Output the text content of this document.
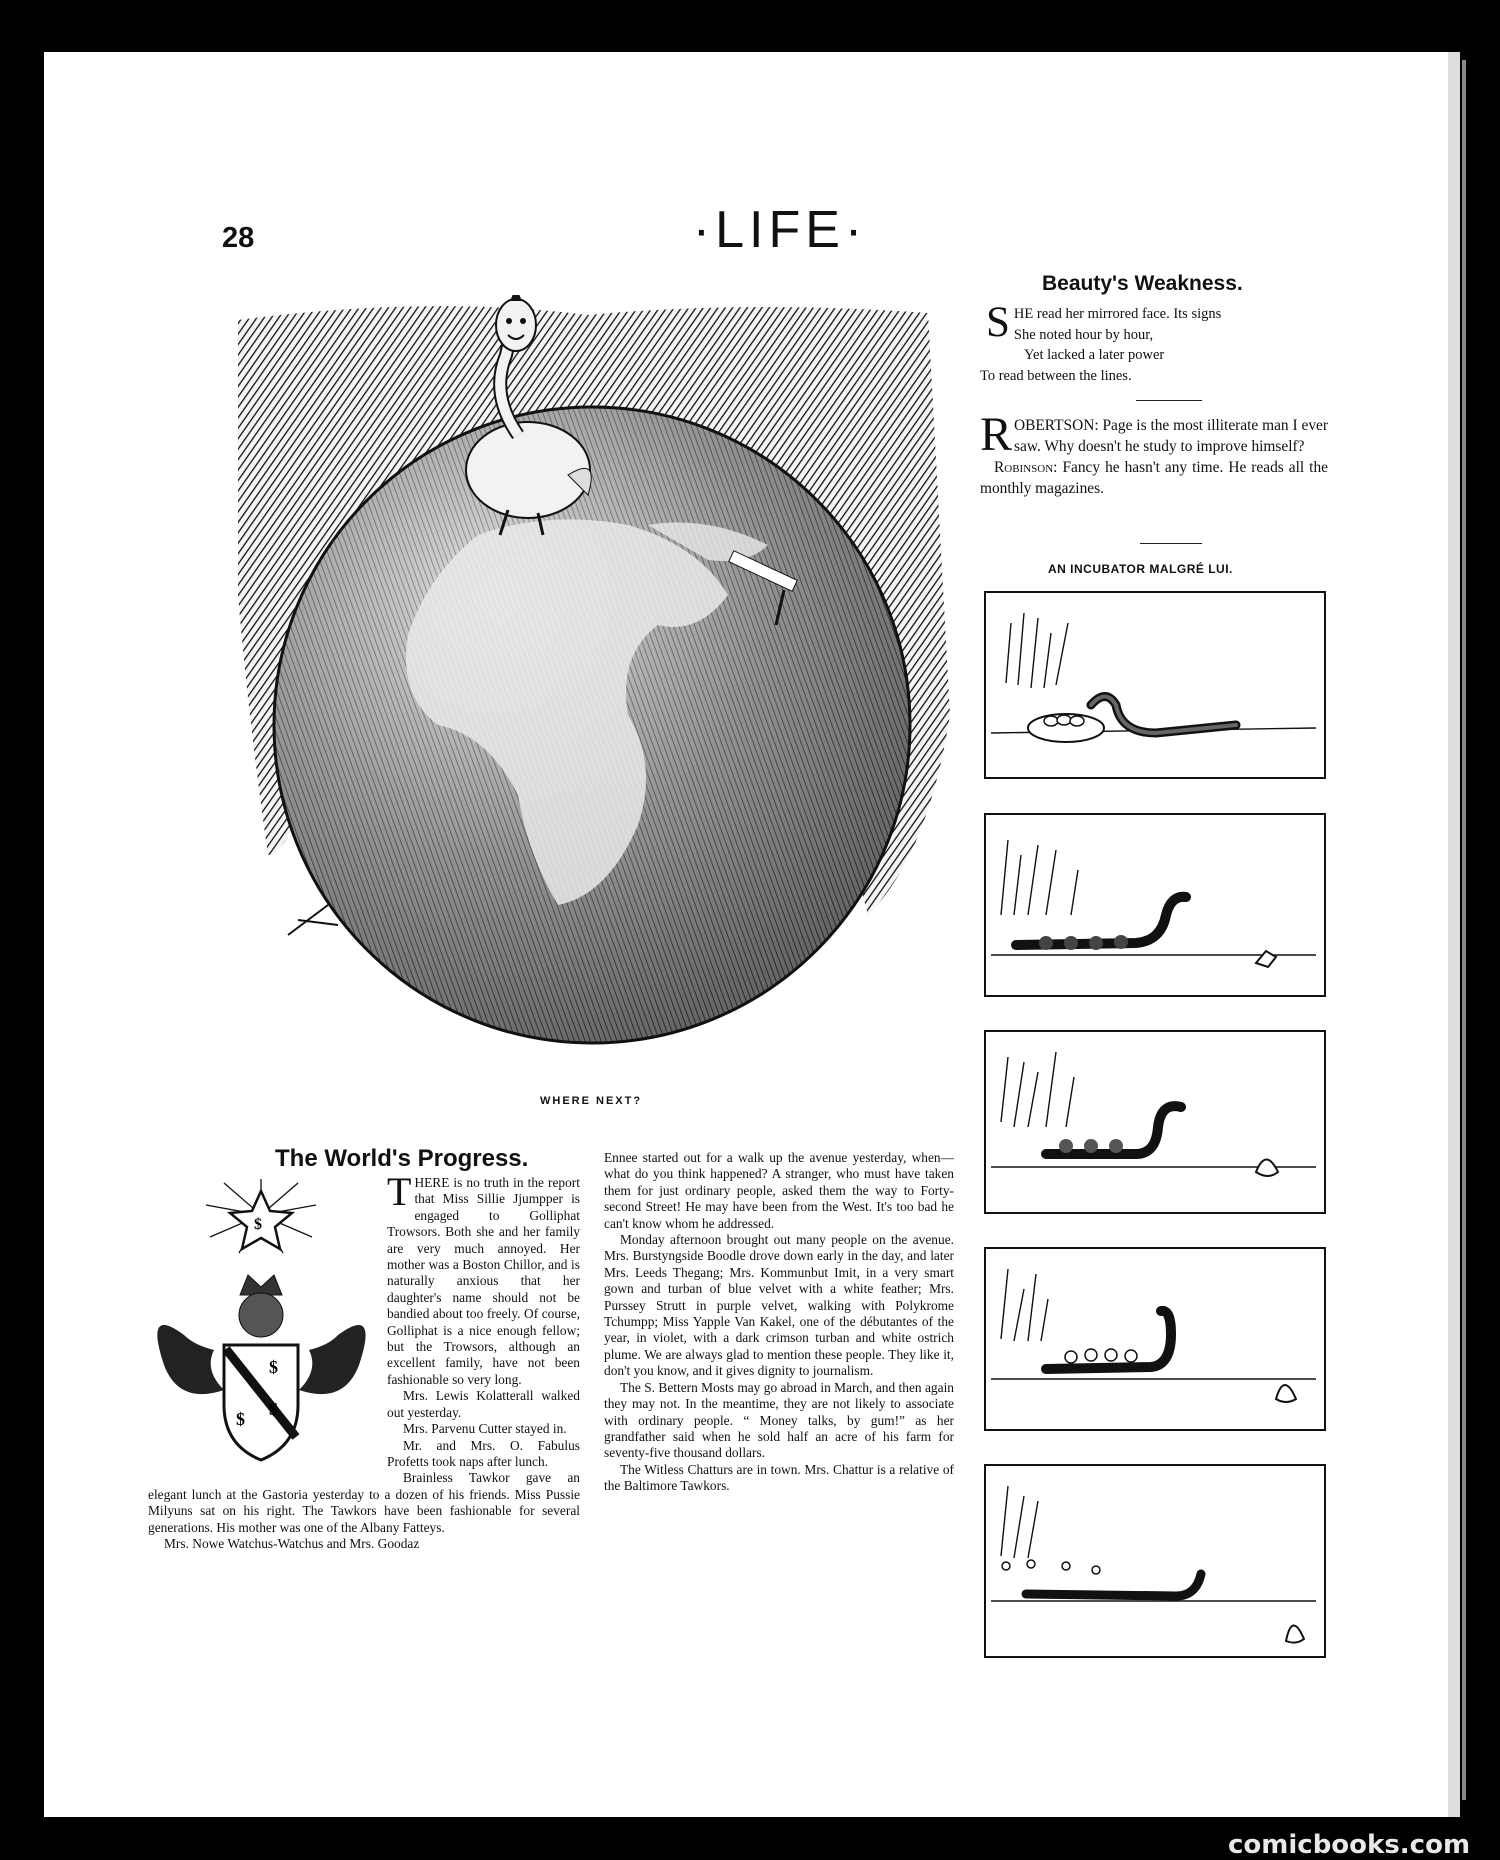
28	·LIFE·
WHERE NEXT?
The World's Progress.
$
$
$ $
T HERE is no truth in the report that Miss Sillie Jjumpper is engaged to Golliphat Trowsors. Both she and her family are very much annoyed. Her mother was a Boston Chillor, and is naturally anxious that her daughter's name should not be bandied about too freely. Of course, Golliphat is a nice enough fellow; but the Trowsors, although an excellent family, have not been fashionable so very long.

Mrs. Lewis Kolatterall walked out yesterday.

Mrs. Parvenu Cutter stayed in.

Mr. and Mrs. O. Fabulus Profetts took naps after lunch.

Brainless Tawkor gave an elegant lunch at the Gastoria yesterday to a dozen of his friends. Miss Pussie Milyuns sat on his right. The Tawkors have been fashionable for several generations. His mother was one of the Albany Fatteys.

Mrs. Nowe Watchus-Watchus and Mrs. Goodaz

Ennee started out for a walk up the avenue yesterday, when—what do you think happened? A stranger, who must have taken them for just ordinary people, asked them the way to Forty-second Street! He may have been from the West. It's too bad he can't know whom he addressed.

Monday afternoon brought out many people on the avenue. Mrs. Burstyngside Boodle drove down early in the day, and later Mrs. Leeds Thegang; Mrs. Kommunbut Imit, in a very smart gown and turban of blue velvet with a white feather; Mrs. Purssey Strutt in purple velvet, walking with Polykrome Tchumpp; Miss Yapple Van Kakel, one of the débutantes of the year, in violet, with a dark crimson turban and white ostrich plume. We are always glad to mention these people. They like it, don't you know, and it gives dignity to journalism.

The S. Bettern Mosts may go abroad in March, and then again they may not. In the meantime, they are not likely to associate with ordinary people. “ Money talks, by gum!” as her grandfather said when he sold half an acre of his farm for seventy-five thousand dollars.

The Witless Chatturs are in town. Mrs. Chattur is a relative of the Baltimore Tawkors.

Beauty's Weakness.
S HE read her mirrored face. Its signs
She noted hour by hour,
Yet lacked a later power
To read between the lines.
R OBERTSON: Page is the most illiterate man I ever saw. Why doesn't he study to improve himself?

Robinson: Fancy he hasn't any time. He reads all the monthly magazines.

AN INCUBATOR MALGRÉ LUI.
comicbooks.com
